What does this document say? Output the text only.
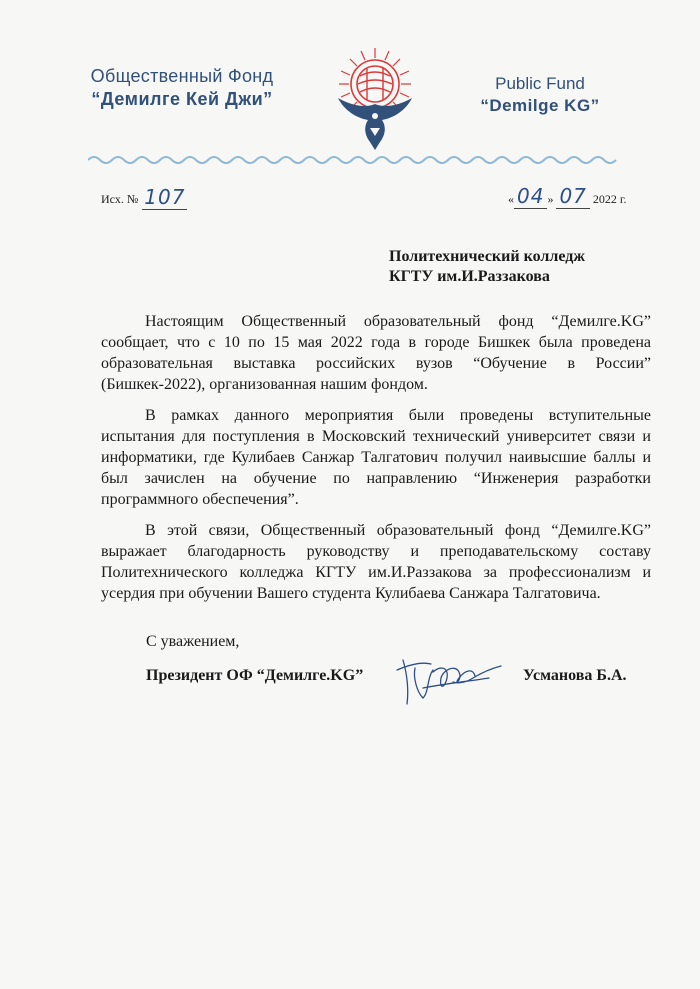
Общественный Фонд
“Демилге Кей Джи”
Public Fund
“Demilge KG”
Исх. № 107	« 04 » 07 2022 г.
Политехнический колледж
КГТУ им.И.Раззакова

Настоящим Общественный образовательный фонд “Демилге.KG” сообщает, что с 10 по 15 мая 2022 года в городе Бишкек была проведена образовательная выставка российских вузов “Обучение в России” (Бишкек-2022), организованная нашим фондом.

В рамках данного мероприятия были проведены вступительные испытания для поступления в Московский технический университет связи и информатики, где Кулибаев Санжар Талгатович получил наивысшие баллы и был зачислен на обучение по направлению “Инженерия разработки программного обеспечения”.

В этой связи, Общественный образовательный фонд “Демилге.KG” выражает благодарность руководству и преподавательскому составу Политехнического колледжа КГТУ им.И.Раззакова за профессионализм и усердия при обучении Вашего студента Кулибаева Санжара Талгатовича.

С уважением,
Президент ОФ “Демилге.KG”	Усманова Б.А.
